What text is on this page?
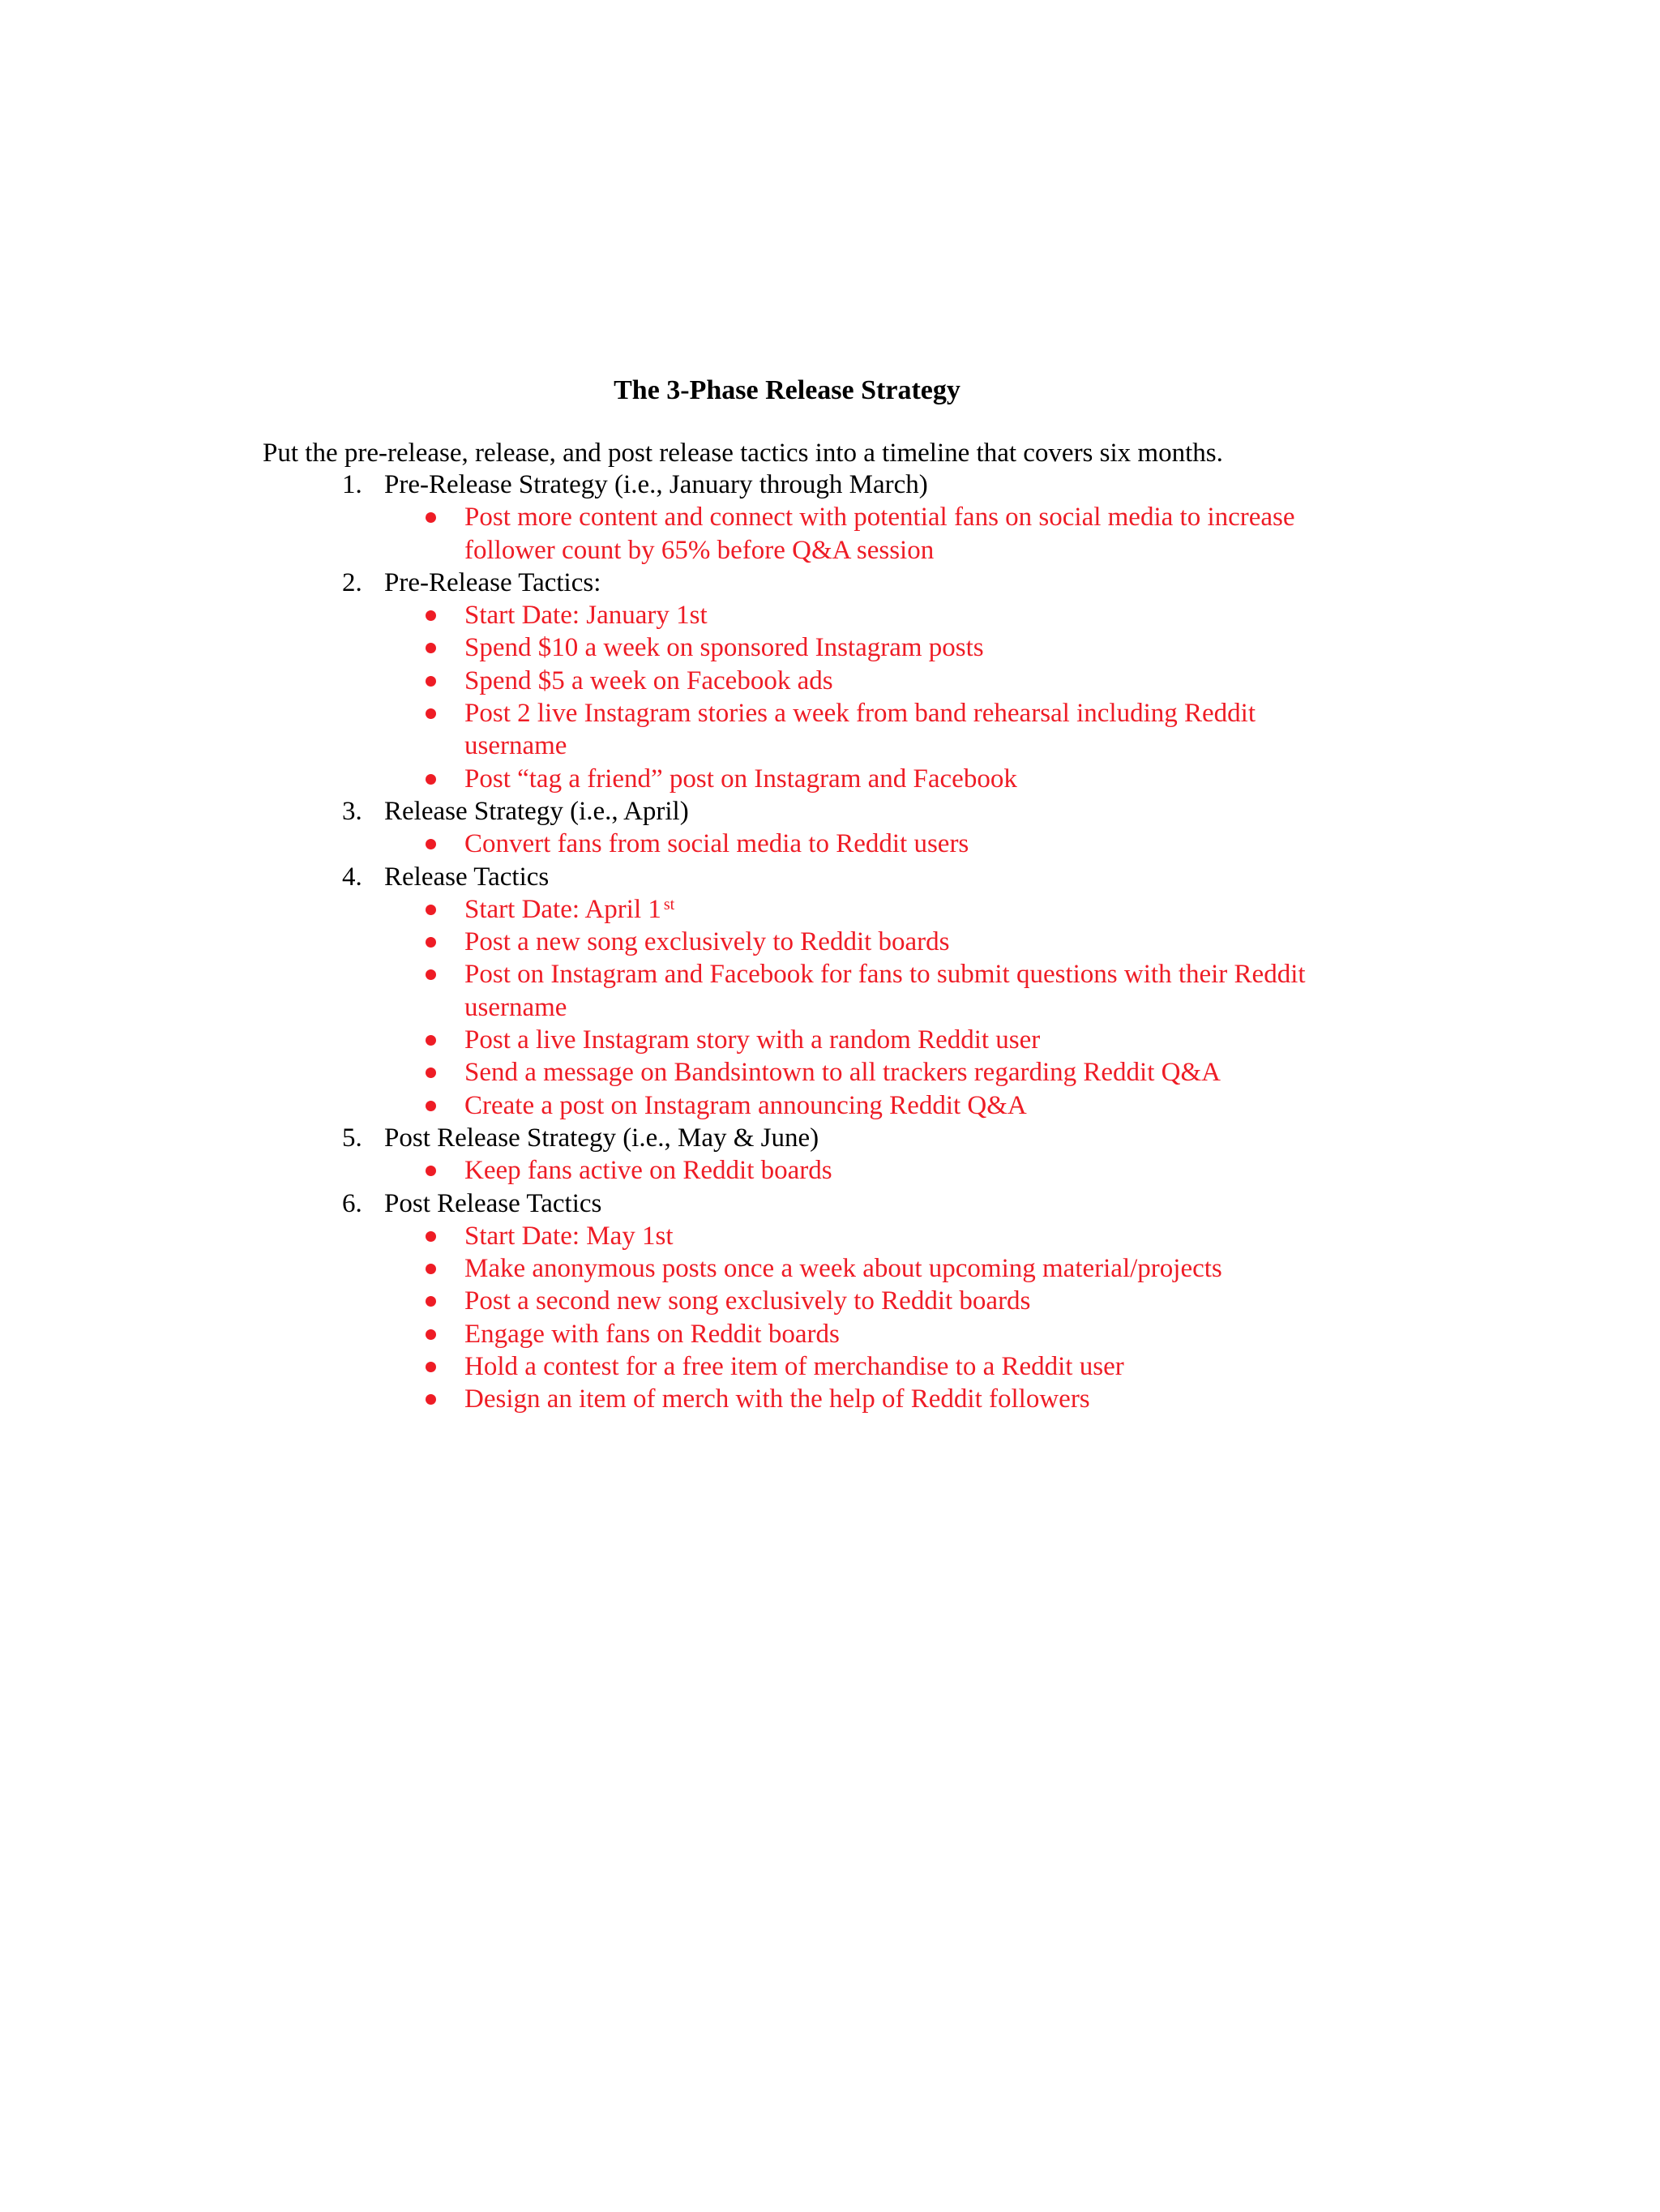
The 3-Phase Release Strategy

Put the pre-release, release, and post release tactics into a timeline that covers six months.

1. Pre-Release Strategy (i.e., January through March)
Post more content and connect with potential fans on social media to increase follower count by 65% before Q&A session
2. Pre-Release Tactics:
Start Date: January 1st
Spend $10 a week on sponsored Instagram posts
Spend $5 a week on Facebook ads
Post 2 live Instagram stories a week from band rehearsal including Reddit username
Post “tag a friend” post on Instagram and Facebook
3. Release Strategy (i.e., April)
Convert fans from social media to Reddit users
4. Release Tactics
Start Date: April 1 $^{st}$
Post a new song exclusively to Reddit boards
Post on Instagram and Facebook for fans to submit questions with their Reddit username
Post a live Instagram story with a random Reddit user
Send a message on Bandsintown to all trackers regarding Reddit Q&A
Create a post on Instagram announcing Reddit Q&A
5. Post Release Strategy (i.e., May & June)
Keep fans active on Reddit boards
6. Post Release Tactics
Start Date: May 1st
Make anonymous posts once a week about upcoming material/projects
Post a second new song exclusively to Reddit boards
Engage with fans on Reddit boards
Hold a contest for a free item of merchandise to a Reddit user
Design an item of merch with the help of Reddit followers
